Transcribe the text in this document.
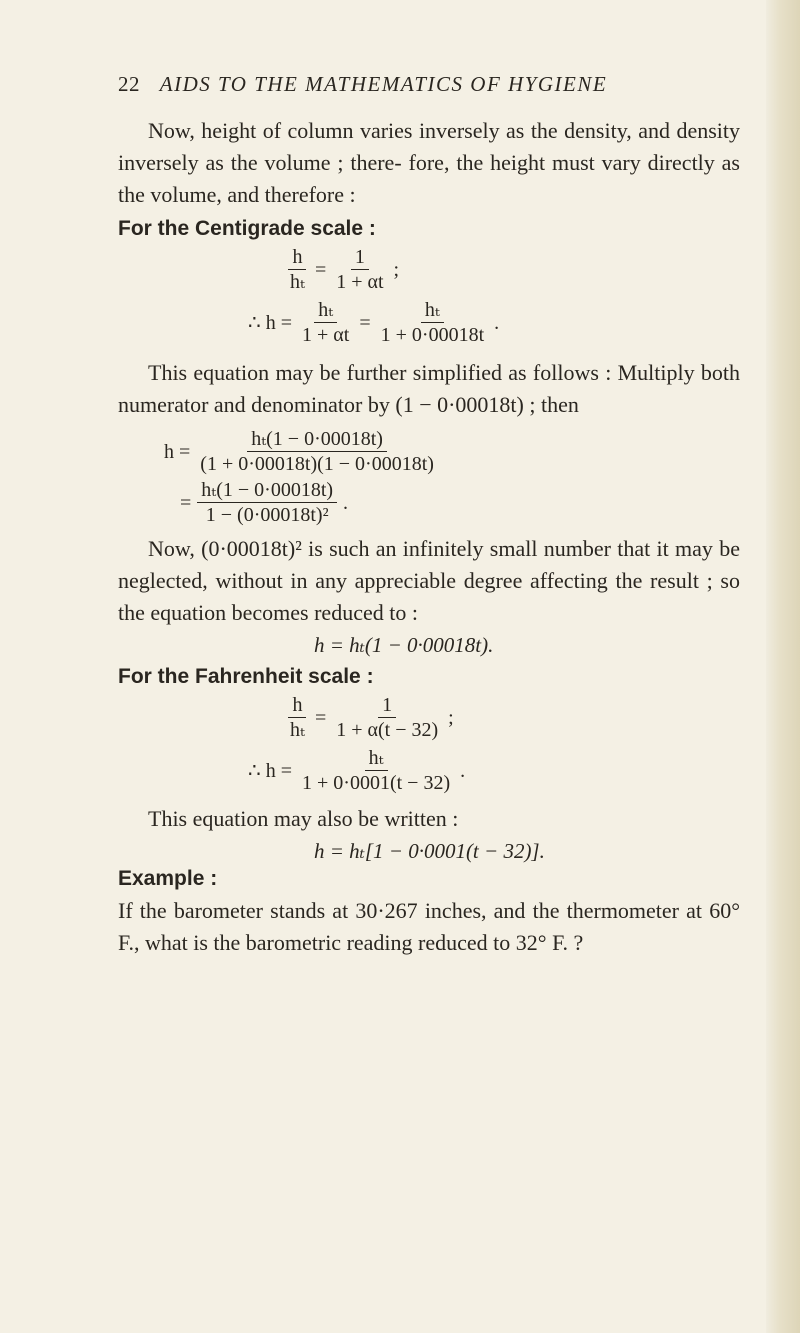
22 AIDS TO THE MATHEMATICS OF HYGIENE

Now, height of column varies inversely as the density, and density inversely as the volume ; there- fore, the height must vary directly as the volume, and therefore :

For the Centigrade scale :
$\frac{h}{\text{hₜ}} = \frac{1}{1 + \alpha t}$ ;
∴ $h = \frac{\text{hₜ}}{1 + \alpha t} = \frac{\text{hₜ}}{1 + 0\cdot 00018t}$ .

This equation may be further simplified as follows : Multiply both numerator and denominator by (1 − 0·00018t) ; then

$h = \frac{\text{hₜ(1 − 0·00018t)}}{(1 + 0\cdot 00018t)(1 - 0\cdot 00018t)}$
= $\frac{\text{hₜ(1 − 0·00018t)}}{\text{1 − (0·00018t)²}}$ .

Now, (0·00018t)² is such an infinitely small number that it may be neglected, without in any appreciable degree affecting the result ; so the equation becomes reduced to :

h = hₜ(1 − 0·00018t).
For the Fahrenheit scale :
$\frac{h}{\text{hₜ}} = \frac{1}{1 + \alpha(t - 32)}$ ;
∴ $h = \frac{\text{hₜ}}{1 + 0\cdot 0001(t - 32)}$ .

This equation may also be written :

h = hₜ[1 − 0·0001(t − 32)].
Example :

If the barometer stands at 30·267 inches, and the thermometer at 60° F., what is the barometric reading reduced to 32° F. ?
